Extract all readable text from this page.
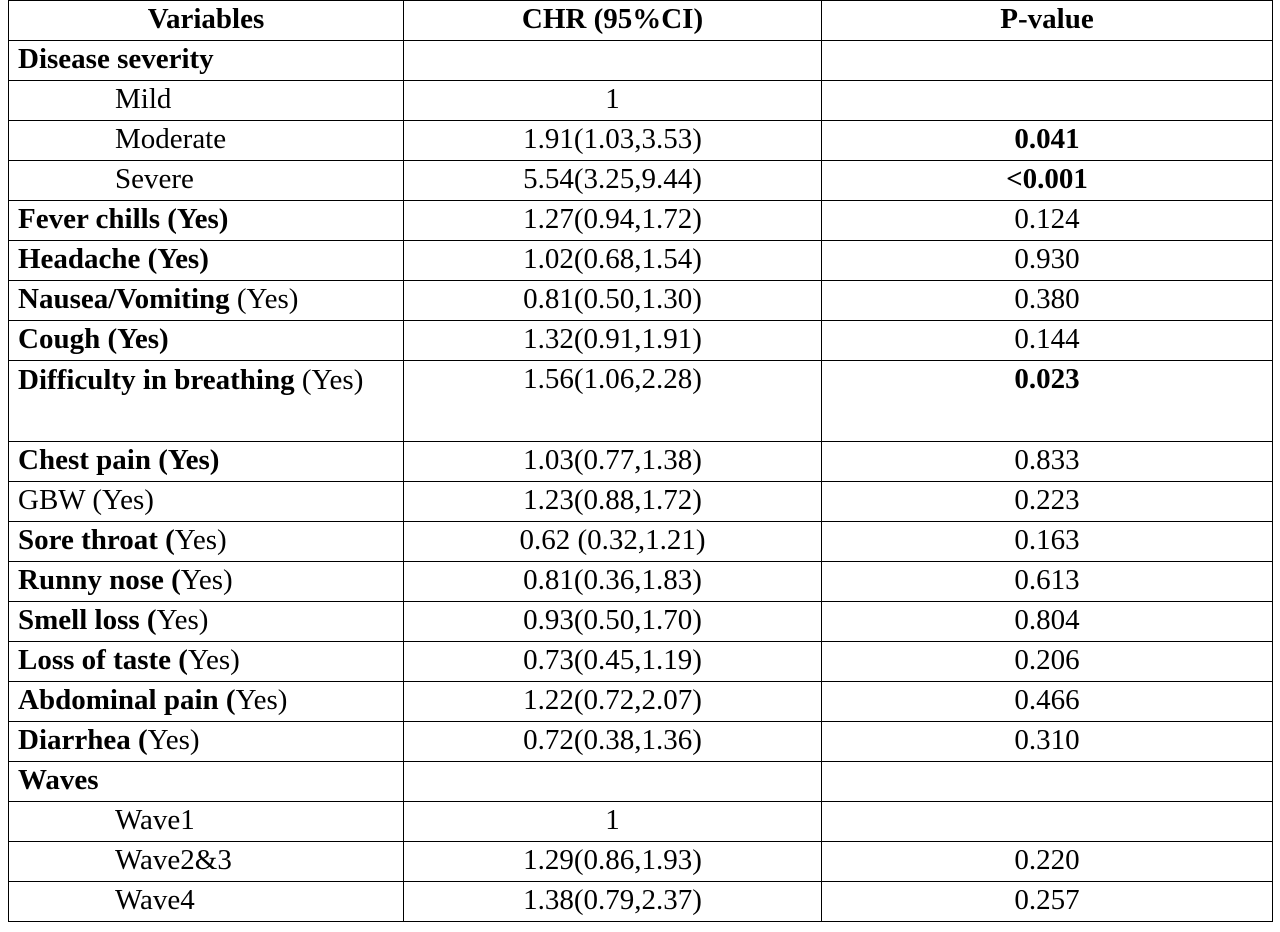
Variables	CHR (95%CI)	P-value
Disease severity		
Mild	1	
Moderate	1.91(1.03,3.53)	0.041
Severe	5.54(3.25,9.44)	<0.001
Fever chills (Yes)	1.27(0.94,1.72)	0.124
Headache (Yes)	1.02(0.68,1.54)	0.930
Nausea/Vomiting (Yes)	0.81(0.50,1.30)	0.380
Cough (Yes)	1.32(0.91,1.91)	0.144
Difficulty in breathing (Yes)	1.56(1.06,2.28)	0.023
Chest pain (Yes)	1.03(0.77,1.38)	0.833
GBW (Yes)	1.23(0.88,1.72)	0.223
Sore throat (Yes)	0.62 (0.32,1.21)	0.163
Runny nose (Yes)	0.81(0.36,1.83)	0.613
Smell loss (Yes)	0.93(0.50,1.70)	0.804
Loss of taste (Yes)	0.73(0.45,1.19)	0.206
Abdominal pain (Yes)	1.22(0.72,2.07)	0.466
Diarrhea (Yes)	0.72(0.38,1.36)	0.310
Waves		
Wave1	1	
Wave2&3	1.29(0.86,1.93)	0.220
Wave4	1.38(0.79,2.37)	0.257
